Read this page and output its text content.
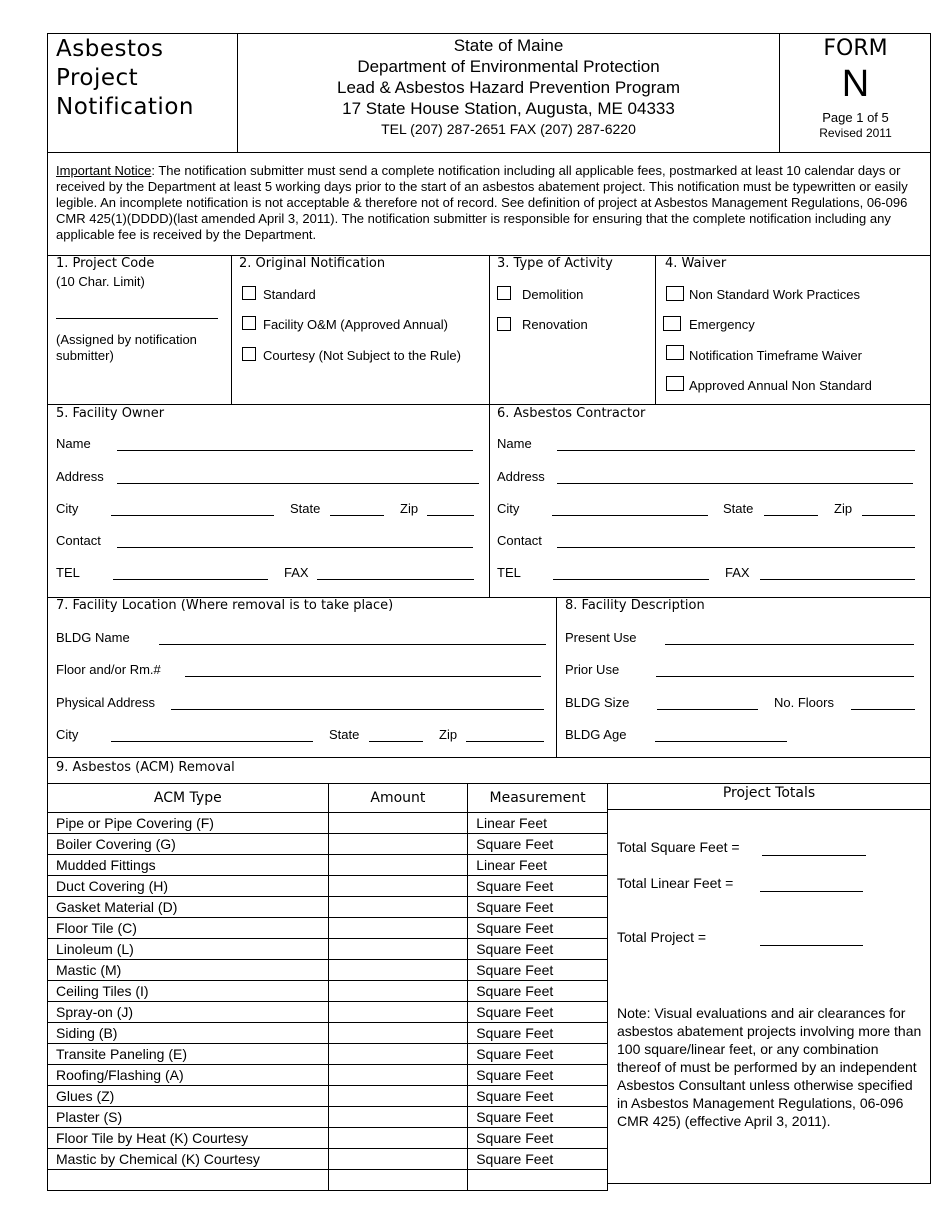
Asbestos
Project
Notification
State of Maine
Department of Environmental Protection
Lead & Asbestos Hazard Prevention Program
17 State House Station, Augusta, ME 04333
TEL (207) 287-2651 FAX (207) 287-6220
FORM
N
Page 1 of 5
Revised 2011
Important Notice: The notification submitter must send a complete notification including all applicable fees, postmarked at least 10 calendar days or received by the Department at least 5 working days prior to the start of an asbestos abatement project. This notification must be typewritten or easily legible. An incomplete notification is not acceptable & therefore not of record. See definition of project at Asbestos Management Regulations, 06-096 CMR 425(1)(DDDD)(last amended April 3, 2011). The notification submitter is responsible for ensuring that the complete notification including any applicable fee is received by the Department.
1. Project Code
(10 Char. Limit)
(Assigned by notification submitter)
2. Original Notification
Standard
Facility O&M (Approved Annual)
Courtesy (Not Subject to the Rule)
3. Type of Activity
Demolition
Renovation
4. Waiver
Non Standard Work Practices
Emergency
Notification Timeframe Waiver
Approved Annual Non Standard
5. Facility Owner
Name
Address
City	State	Zip
Contact
TEL	FAX
6. Asbestos Contractor
Name
Address
City	State	Zip
Contact
TEL	FAX
7. Facility Location (Where removal is to take place)
BLDG Name
Floor and/or Rm.#
Physical Address
City	State	Zip
8. Facility Description
Present Use
Prior Use
BLDG Size	No. Floors
BLDG Age
9. Asbestos (ACM) Removal
ACM Type	Amount	Measurement
Pipe or Pipe Covering (F)		Linear Feet
Boiler Covering (G)		Square Feet
Mudded Fittings		Linear Feet
Duct Covering (H)		Square Feet
Gasket Material (D)		Square Feet
Floor Tile (C)		Square Feet
Linoleum (L)		Square Feet
Mastic (M)		Square Feet
Ceiling Tiles (I)		Square Feet
Spray-on (J)		Square Feet
Siding (B)		Square Feet
Transite Paneling (E)		Square Feet
Roofing/Flashing (A)		Square Feet
Glues (Z)		Square Feet
Plaster (S)		Square Feet
Floor Tile by Heat (K) Courtesy		Square Feet
Mastic by Chemical (K) Courtesy		Square Feet

Project Totals
Total Square Feet =
Total Linear Feet =
Total Project =
Note: Visual evaluations and air clearances for asbestos abatement projects involving more than 100 square/linear feet, or any combination thereof of must be performed by an independent Asbestos Consultant unless otherwise specified in Asbestos Management Regulations, 06-096 CMR 425) (effective April 3, 2011).
